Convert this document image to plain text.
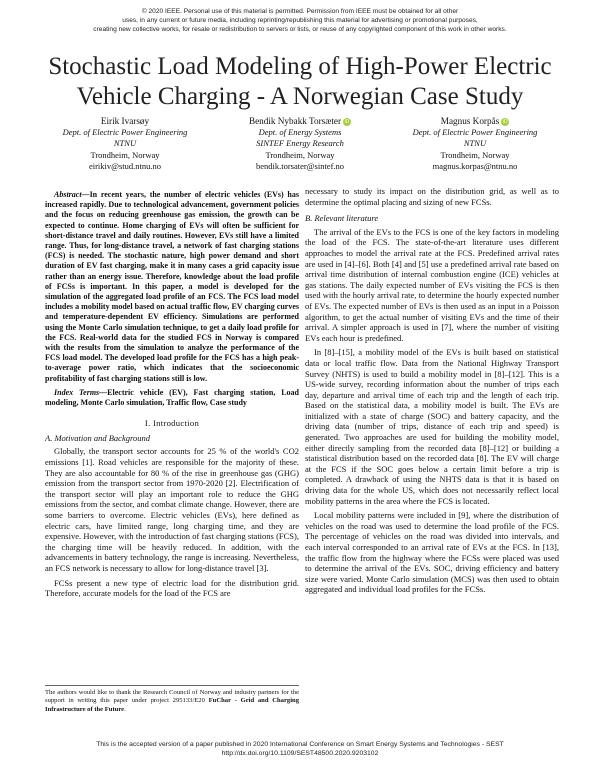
© 2020 IEEE. Personal use of this material is permitted. Permission from IEEE must be obtained for all other

uses, in any current or future media, including reprinting/republishing this material for advertising or promotional purposes,

creating new collective works, for resale or redistribution to servers or lists, or reuse of any copyrighted component of this work in other works.

Stochastic Load Modeling of High-Power Electric
Vehicle Charging - A Norwegian Case Study
Eirik Ivarsøy
Dept. of Electric Power Engineering
NTNU
Trondheim, Norway
eirikiv@stud.ntnu.no
Bendik Nybakk Torsæter iD
Dept. of Energy Systems
SINTEF Energy Research
Trondheim, Norway
bendik.torsater@sintef.no
Magnus Korpås iD
Dept. of Electric Power Engineering
NTNU
Trondheim, Norway
magnus.korpas@ntnu.no

Abstract—In recent years, the number of electric vehicles (EVs) has increased rapidly. Due to technological advancement, government policies and the focus on reducing greenhouse gas emission, the growth can be expected to continue. Home charging of EVs will often be sufficient for short-distance travel and daily routines. However, EVs still have a limited range. Thus, for long-distance travel, a network of fast charging stations (FCS) is needed. The stochastic nature, high power demand and short duration of EV fast charging, make it in many cases a grid capacity issue rather than an energy issue. Therefore, knowledge about the load profile of FCSs is important. In this paper, a model is developed for the simulation of the aggregated load profile of an FCS. The FCS load model includes a mobility model based on actual traffic flow, EV charging curves and temperature-dependent EV efficiency. Simulations are performed using the Monte Carlo simulation technique, to get a daily load profile for the FCS. Real-world data for the studied FCS in Norway is compared with the results from the simulation to analyze the performance of the FCS load model. The developed load profile for the FCS has a high peak-to-average power ratio, which indicates that the socioeconomic profitability of fast charging stations still is low.

Index Terms—Electric vehicle (EV), Fast charging station, Load modeling, Monte Carlo simulation, Traffic flow, Case study

I. Introduction

A. Motivation and Background

Globally, the transport sector accounts for 25 % of the world's CO2 emissions [1]. Road vehicles are responsible for the majority of these. They are also accountable for 80 % of the rise in greenhouse gas (GHG) emission from the transport sector from 1970-2020 [2]. Electrification of the transport sector will play an important role to reduce the GHG emissions from the sector, and combat climate change. However, there are some barriers to overcome. Electric vehicles (EVs), here defined as electric cars, have limited range, long charging time, and they are expensive. However, with the introduction of fast charging stations (FCS), the charging time will be heavily reduced. In addition, with the advancements in battery technology, the range is increasing. Nevertheless, an FCS network is necessary to allow for long-distance travel [3].

FCSs present a new type of electric load for the distribution grid. Therefore, accurate models for the load of the FCS are

The authors would like to thank the Research Council of Norway and industry partners for the support in writing this paper under project 295133/E20 FuChar - Grid and Charging Infrastructure of the Future.

necessary to study its impact on the distribution grid, as well as to determine the optimal placing and sizing of new FCSs.

B. Relevant literature

The arrival of the EVs to the FCS is one of the key factors in modeling the load of the FCS. The state-of-the-art literature uses different approaches to model the arrival rate at the FCS. Predefined arrival rates are used in [4]–[6]. Both [4] and [5] use a predefined arrival rate based on arrival time distribution of internal combustion engine (ICE) vehicles at gas stations. The daily expected number of EVs visiting the FCS is then used with the hourly arrival rate, to determine the hourly expected number of EVs. The expected number of EVs is then used as an input in a Poisson algorithm, to get the actual number of visiting EVs and the time of their arrival. A simpler approach is used in [7], where the number of visiting EVs each hour is predefined.

In [8]–[15], a mobility model of the EVs is built based on statistical data or local traffic flow. Data from the National Highway Transport Survey (NHTS) is used to build a mobility model in [8]–[12]. This is a US-wide survey, recording information about the number of trips each day, departure and arrival time of each trip and the length of each trip. Based on the statistical data, a mobility model is built. The EVs are initialized with a state of charge (SOC) and battery capacity, and the driving data (number of trips, distance of each trip and speed) is generated. Two approaches are used for building the mobility model, either directly sampling from the recorded data [8]–[12] or building a statistical distribution based on the recorded data [8]. The EV will charge at the FCS if the SOC goes below a certain limit before a trip is completed. A drawback of using the NHTS data is that it is based on driving data for the whole US, which does not necessarily reflect local mobility patterns in the area where the FCS is located.

Local mobility patterns were included in [9], where the distribution of vehicles on the road was used to determine the load profile of the FCS. The percentage of vehicles on the road was divided into intervals, and each interval corresponded to an arrival rate of EVs at the FCS. In [13], the traffic flow from the highway where the FCSs were placed was used to determine the arrival of the EVs. SOC, driving efficiency and battery size were varied. Monte Carlo simulation (MCS) was then used to obtain aggregated and individual load profiles for the FCSs.

This is the accepted version of a paper published in 2020 International Conference on Smart Energy Systems and Technologies - SEST

http://dx.doi.org/10.1109/SEST48500.2020.9203102
